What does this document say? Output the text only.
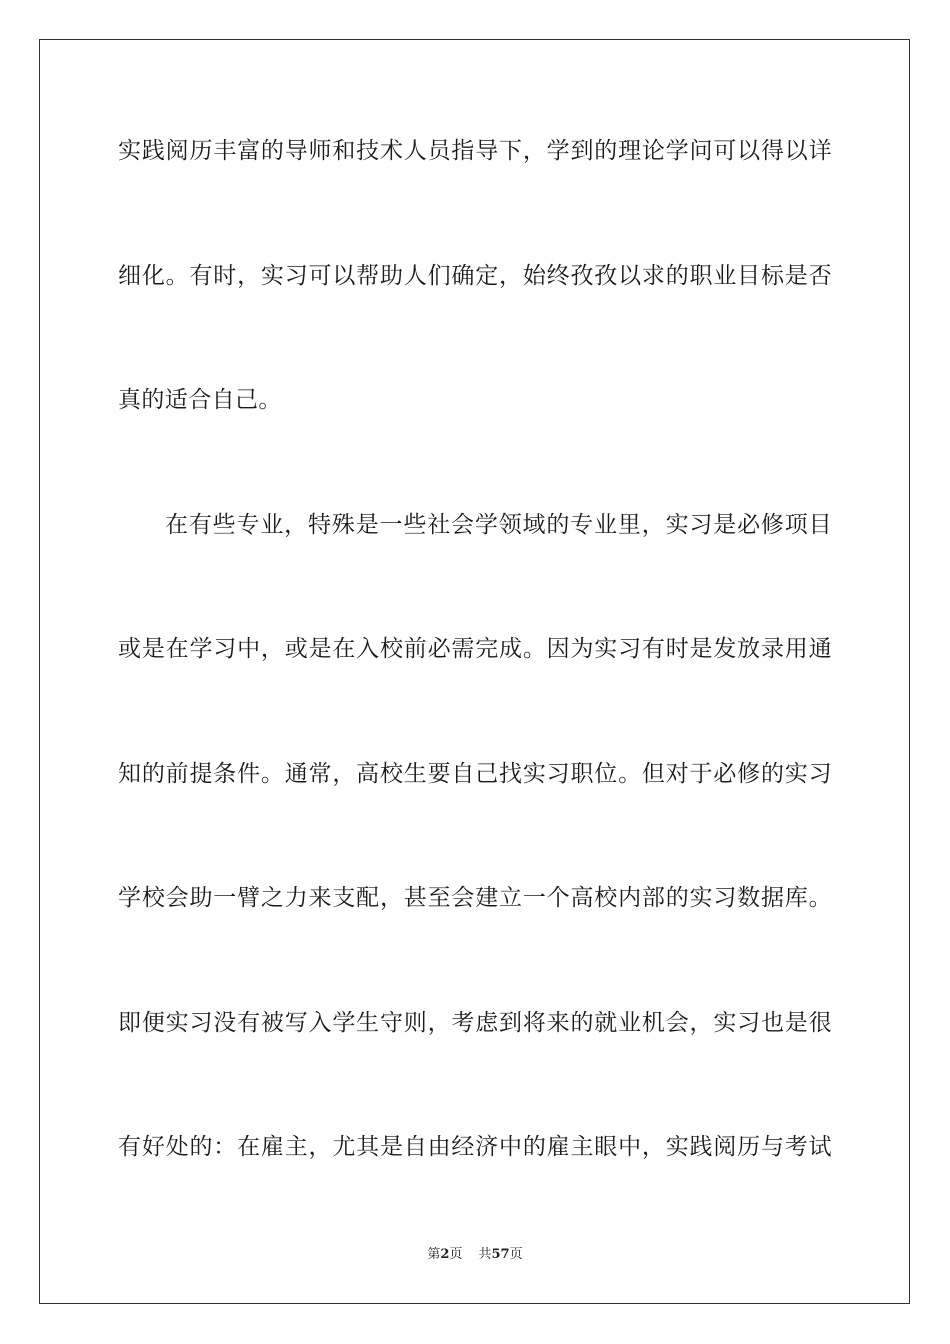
实践阅历丰富的导师和技术人员指导下，学到的理论学问可以得以详
细化。有时，实习可以帮助人们确定，始终孜孜以求的职业目标是否
真的适合自己。
在有些专业，特殊是一些社会学领域的专业里，实习是必修项目
或是在学习中，或是在入校前必需完成。因为实习有时是发放录用通
知的前提条件。通常，高校生要自己找实习职位。但对于必修的实习
学校会助一臂之力来支配，甚至会建立一个高校内部的实习数据库。
即便实习没有被写入学生守则，考虑到将来的就业机会，实习也是很
有好处的：在雇主，尤其是自由经济中的雇主眼中，实践阅历与考试
第2页 共57页
